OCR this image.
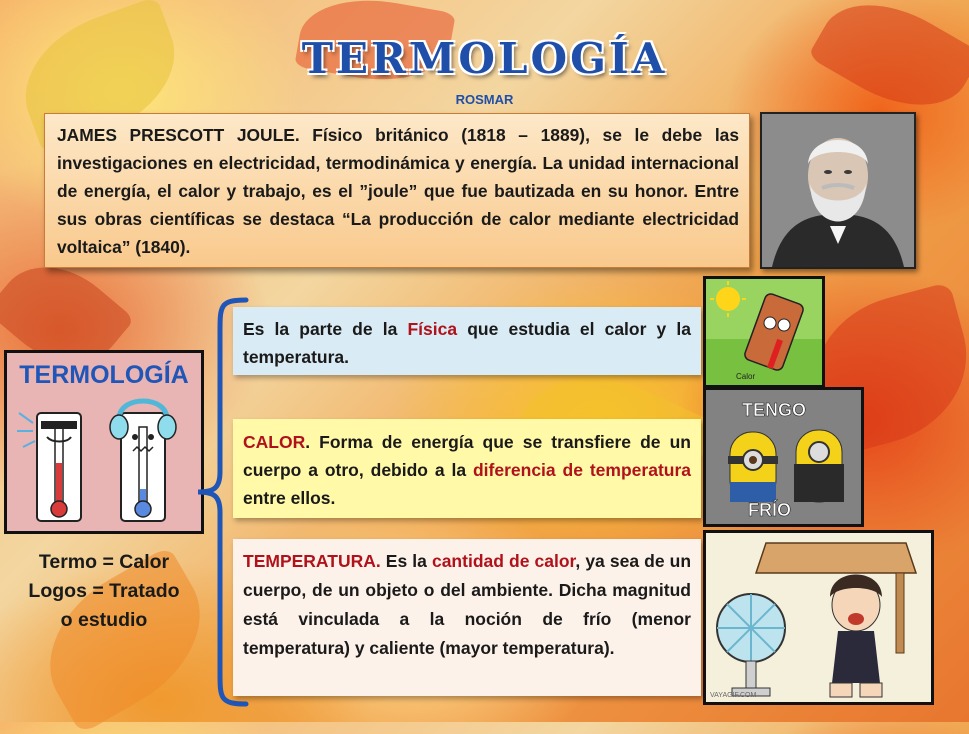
TERMOLOGÍA
ROSMAR
JAMES PRESCOTT JOULE. Físico británico (1818 – 1889), se le debe las investigaciones en electricidad, termodinámica y energía. La unidad internacional de energía, el calor y trabajo, es el ”joule” que fue bautizada en su honor. Entre sus obras científicas se destaca “La producción de calor mediante electricidad voltaica” (1840).
TERMOLOGÍA
Termo = Calor
Logos = Tratado
o estudio
Es la parte de la Física que estudia el calor y la temperatura.
CALOR. Forma de energía que se transfiere de un cuerpo a otro, debido a la diferencia de temperatura entre ellos.
TEMPERATURA. Es la cantidad de calor, ya sea de un cuerpo, de un objeto o del ambiente. Dicha magnitud está vinculada a la noción de frío (menor temperatura) y caliente (mayor temperatura).
Calor
TENGO
FRÍO
VAYAGIF.COM
